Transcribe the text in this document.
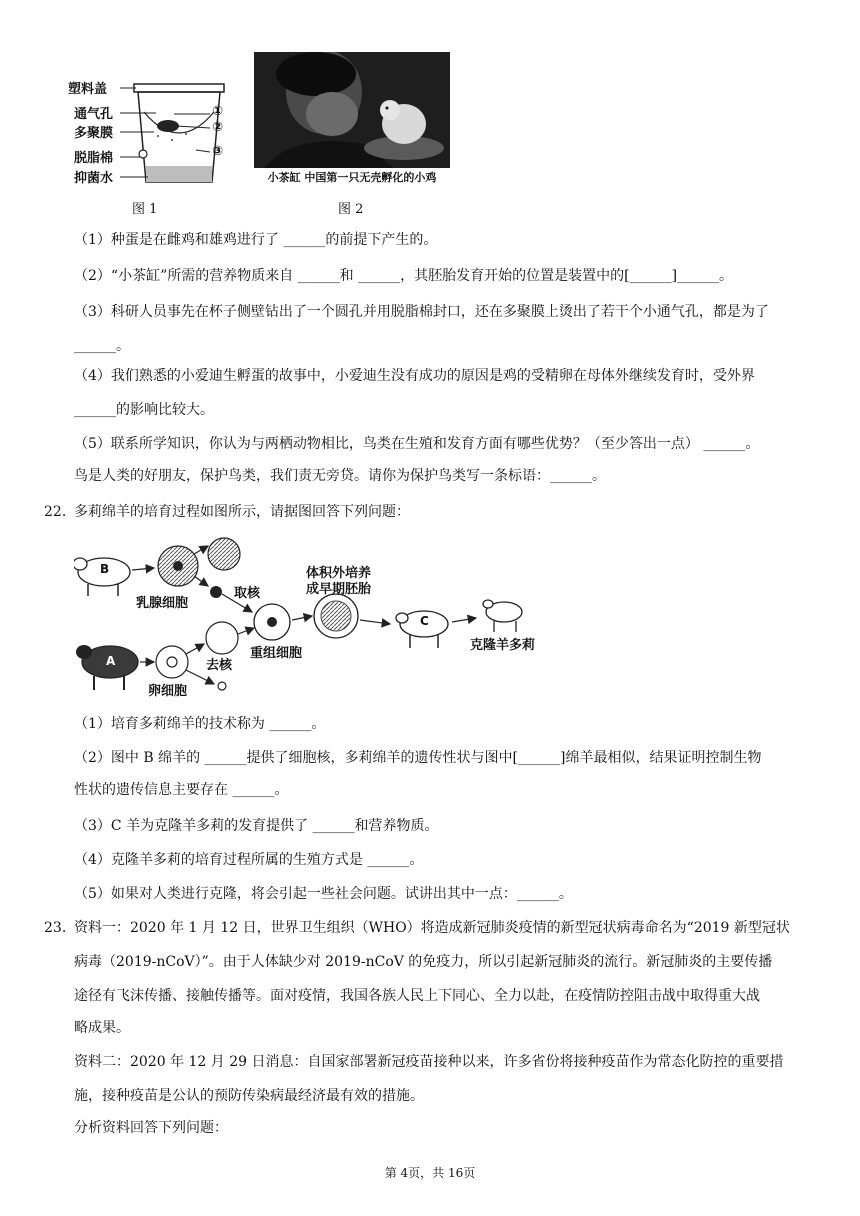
塑料盖
通气孔
多聚膜
脱脂棉
抑菌水
①
②
③
图 1
小茶缸 中国第一只无壳孵化的小鸡
图 2
（1）种蛋是在雌鸡和雄鸡进行了 ______的前提下产生的。
（2）“小茶缸”所需的营养物质来自 ______和 ______，其胚胎发育开始的位置是装置中的[______]______。
（3）科研人员事先在杯子侧壁钻出了一个圆孔并用脱脂棉封口，还在多聚膜上烫出了若干个小通气孔，都是为了
______。
（4）我们熟悉的小爱迪生孵蛋的故事中，小爱迪生没有成功的原因是鸡的受精卵在母体外继续发育时，受外界
______的影响比较大。
（5）联系所学知识，你认为与两栖动物相比，鸟类在生殖和发育方面有哪些优势？（至少答出一点） ______。
鸟是人类的好朋友，保护鸟类，我们责无旁贷。请你为保护鸟类写一条标语：______。
22. 多莉绵羊的培育过程如图所示，请据图回答下列问题：
B
A
C
乳腺细胞
取核
卵细胞
去核
重组细胞
体积外培养
成早期胚胎
克隆羊多莉
（1）培育多莉绵羊的技术称为 ______。
（2）图中 B 绵羊的 ______提供了细胞核，多莉绵羊的遗传性状与图中[______]绵羊最相似，结果证明控制生物
性状的遗传信息主要存在 ______。
（3）C 羊为克隆羊多莉的发育提供了 ______和营养物质。
（4）克隆羊多莉的培育过程所属的生殖方式是 ______。
（5）如果对人类进行克隆，将会引起一些社会问题。试讲出其中一点：______。
23. 资料一：2020 年 1 月 12 日，世界卫生组织（WHO）将造成新冠肺炎疫情的新型冠状病毒命名为“2019 新型冠状
病毒（2019-nCoV）”。由于人体缺少对 2019-nCoV 的免疫力，所以引起新冠肺炎的流行。新冠肺炎的主要传播
途径有飞沫传播、接触传播等。面对疫情，我国各族人民上下同心、全力以赴，在疫情防控阻击战中取得重大战
略成果。
资料二：2020 年 12 月 29 日消息：自国家部署新冠疫苗接种以来，许多省份将接种疫苗作为常态化防控的重要措
施，接种疫苗是公认的预防传染病最经济最有效的措施。
分析资料回答下列问题：
第 4页，共 16页
